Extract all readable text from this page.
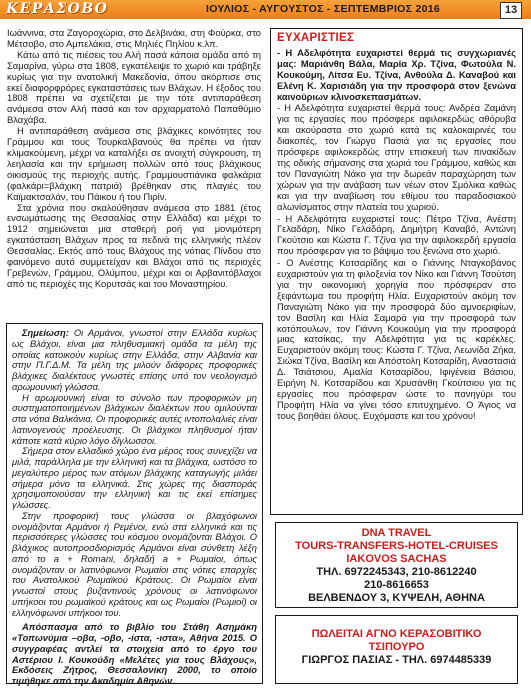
ΚΕΡΑΣΟΒΟ	ΙΟΥΛΙΟΣ - ΑΥΓΟΥΣΤΟΣ - ΣΕΠΤΕΜΒΡΙΟΣ 2016	13

Ιωάννινα, στα Ζαγοροχώρια, στο Δελβινάκι, στη Φούρκα, στο Μέτσοβο, στο Αμπελάκια, στις Μηλιές Πηλίου κ.λπ.

Κάτω από τις πιέσεις του Αλή πασά κάποια ομάδα από τη Σαμαρίνα, γύρω στα 1808, εγκατέλειψε το χωριό και τράβηξε κυρίως για την ανατολική Μακεδονία, όπου ακόρπισε στις εκεί διαφορφρόρες εγκαταστάσεις των Βλάχων. Η έξοδος του 1808 πρέπει να σχετίζεται με την τότε αντιπαράθεση ανάμεσα στον Αλή πασά και τον αρχιαρματολό Παπαθύμιο Βλαχάβα.

Η αντιπαράθεση ανάμεσα στις βλάχικες κοινότητες του Γράμμου και τους Τουρκαλβανούς θα πρέπει να ήταν κλιμακούμενη, μέχρι να καταλήξει σε ανοιχτή σύγκρουση, τη λεηλασία και την ερήμωση πολλών από τους βλάχικους οικισμούς της περιοχής αυτής. Γραμμουστιάνικα φαλκάρια (φαλκάρι=βλάχικη πατριά) βρέθηκαν στις πλαγιές του Καϊμακτσαλάν, του Πάικου ή του Πιρίν.

Στα χρόνια που σκαλούθησαν ανάμεσα στο 1881 (έτος ενσωμάτωσης της Θεσσαλίας στην Ελλάδα) και μέχρι το 1912 σημειώνεται μια σταθερή ροή για μονιμότερη εγκατάσταση Βλάχων προς τα πεδινά της ελληνικής πλέον Θεσσαλίας. Εκτός από τους Βλάχους της νότιας Πίνδου στο φαινόμενο αυτό συμμετείχαν και Βλάχοι από τις περιοχές Γρεβενών, Γράμμου, Ολύμπου, μέχρι και οι Αρβανιτόβλαχοι από τις περιοχές της Κορυτσάς και του Μοναστηρίου.

Σημείωση: Οι Αρμάνοι, γνωστοί στην Ελλάδα κυρίως ως Βλάχοι, είναι μια πληθυσμιακή ομάδα τα μέλη της οποίας κατοικούν κυρίως στην Ελλάδα, στην Αλβανία και στην Π.Γ.Δ.Μ. Τα μέλη της μιλούν διάφορες προφορικές βλάχικες διαλέκτους γνωστές επίσης υπό τον νεολογισμό αρωμουνική γλώσσα.

Η αρωμουνική είναι το σύνολο των προφορικών μη συστηματοποιημένων βλάχικων διαλέκτων που ομιλούνται στα νότια Βαλκάνια. Οι προφορικές αυτές ιντοπολαλιές είναι λατινογενούς προέλευσης. Οι βλάχικοι πληθυσμοί ήταν κάποτε κατά κύριο λόγο δίγλωσσοι.

Σήμερα στον ελλαδικό χώρο ένα μέρος τους συνεχίζει να μιλά, παράλληλα με την ελληνική και τα βλάχικα, ωστόσο το μεγαλύτερο μέρος των ατόμων βλάχικης καταγωγής μιλάει σήμερα μόνο τα ελληνικά. Στις χώρες της διασποράς χρησιμοποιούσαν την ελληνική και τις εκεί επίσημες γλώσσες.

Στην προφορική τους γλώσσα οι βλαχόφωνοι ονομάζονται Αρμάνοι ή Ρεμένοι, ενώ στα ελληνικά και τις περισσότερες γλώσσες του κόσμου ονομάζονται Βλάχοι. Ο βλάχικος αυτοπροσδιορισμός Αρμάνοι είναι σύνθετη λέξη από το a + Romani, δηλαδή a + Ρωμαίοι, όπως ονομάζονταν οι λατινόφωνοι Ρωμαίοι στις νότιες επαρχίες του Ανατολικού Ρωμαϊκού Κράτους. Οι Ρωμαίοι είναι γνωστοί στους βυζαντινούς χρόνους οι λατινόφωνοι υπήκοοι του ρωμαϊκού κράτους και ως Ρωμαίοι (Ρωμιοί) οι ελληνόφωνοι υπήκοοι του.

Απόσπασμα από το βιβλίο του Στάθη Ασημάκη «Τοπωνύμια –οβα, -οβο, -ίστα, -ιστα», Αθήνα 2015. Ο συγγραφέας αντλεί τα στοιχεία από το έργο του Αστέριου Ι. Κουκούδη «Μελέτες για τους Βλάχους», Εκδόσεις Ζήτρος, Θεσσαλονίκη 2000, το οποίο τιμήθηκε από την Ακαδημία Αθηνών.

ΕΥΧΑΡΙΣΤΙΕΣ

- Η Αδελφότητα ευχαριστεί θερμά τις συγχωριανές μας: Μαριάνθη Βάλα, Μαρία Χρ. Τζίνα, Φωτούλα Ν. Κουκούμη, Λίτσα Ευ. Τζίνα, Ανθούλα Δ. Καναβού και Ελένη Κ. Χαρισιάδη για την προσφορά στον ξενώνα καινούριων κλινοσκεπασμάτων.

- Η Αδελφότητα ευχαριστεί θερμά τους: Ανδρέα Ζαμάνη για τις εργασίες που πρόσφερε αφιλοκερδώς αθόρυβα και ακούραστα στο χωριό κατά τις καλοκαιρινές του διακοπές, τον Γιώργο Πασιά για τις εργασίες που πρόσφερε αφιλοκερδώς στην επισκευή των πινακίδων της οδικής σήμανσης στα χωριά του Γράμμου, καθώς και τον Παναγιώτη Νάκο για την δωρεάν παραχώρηση των χώρων για την ανάβαση των νέων στον Σμόλικα καθώς και για την αναβίωση του εθίμου του παραδοσιακού αλωνίσματος στην πλατεία του χωριού.

- Η Αδελφότητα ευχαριστεί τους: Πέτρο Τζίνα, Ανέστη Γελαδάρη, Νίκο Γελαδάρη, Δημήτρη Καναβό, Αντώνη Γκούτσιο και Κώστα Γ. Τζίνα για την αφιλοκερδή εργασία που πρόσφεραν για το βάψιμο του ξενώνα στο χωριό.

- Ο Ανέστης Κοτσαρίδης και ο Γιάννης Νταγκοβάνος ευχαριστούν για τη φιλοξενία τον Νίκο και Γιάννη Τσούτση για την οικονομική χορηγία που πρόσφεραν στο ξεφάντωμα του προφήτη Ηλία. Ευχαριστούν ακόμη τον Παναγιώτη Νάκο για την προσφορά δύο αμνοεριφίων, τον Βασίλη και Ηλία Σαμαρά για την προσφορά των κοτόπουλων, τον Γιάννη Κουκούμη για την προσφορά μιας κατσίκας, την Αδελφότητα για τις καρέκλες. Ευχαριστούν ακόμη τους: Κώστα Γ. Τζίνα, Λεωνίδα Ζήκα, Σιώκα Τζίνα, Βασίλη και Απόστολη Κοτσαρίδη, Αναστασιά Δ. Τσιάτσιου, Αμαλία Κοτσαρίδου, Ιφιγένεια Βάσιου, Ειρήνη Ν. Κοτσαρίδου και Χρυσάνθη Γκούτσιου για τις εργασίες που πρόσφεραν ώστε το πανηγύρι του Προφήτη Ηλία να γίνει τόσο επιτυχημένο. Ο Άγιος να τους βοηθάει όλους. Ευχόμαστε και του χρόνου!

DNA TRAVEL
TOURS-TRANSFERS-HOTEL-CRUISES
IAKOVOS SACHAS
ΤΗΛ. 6972245343, 210-8612240
210-8616653
ΒΕΛΒΕΝΔΟΥ 3, ΚΥΨΕΛΗ, ΑΘΗΝΑ
ΠΩΛΕΙΤΑΙ ΑΓΝΟ ΚΕΡΑΣΟΒΙΤΙΚΟ
ΤΣΙΠΟΥΡΟ
ΓΙΩΡΓΟΣ ΠΑΣΙΑΣ - ΤΗΛ. 6974485339
